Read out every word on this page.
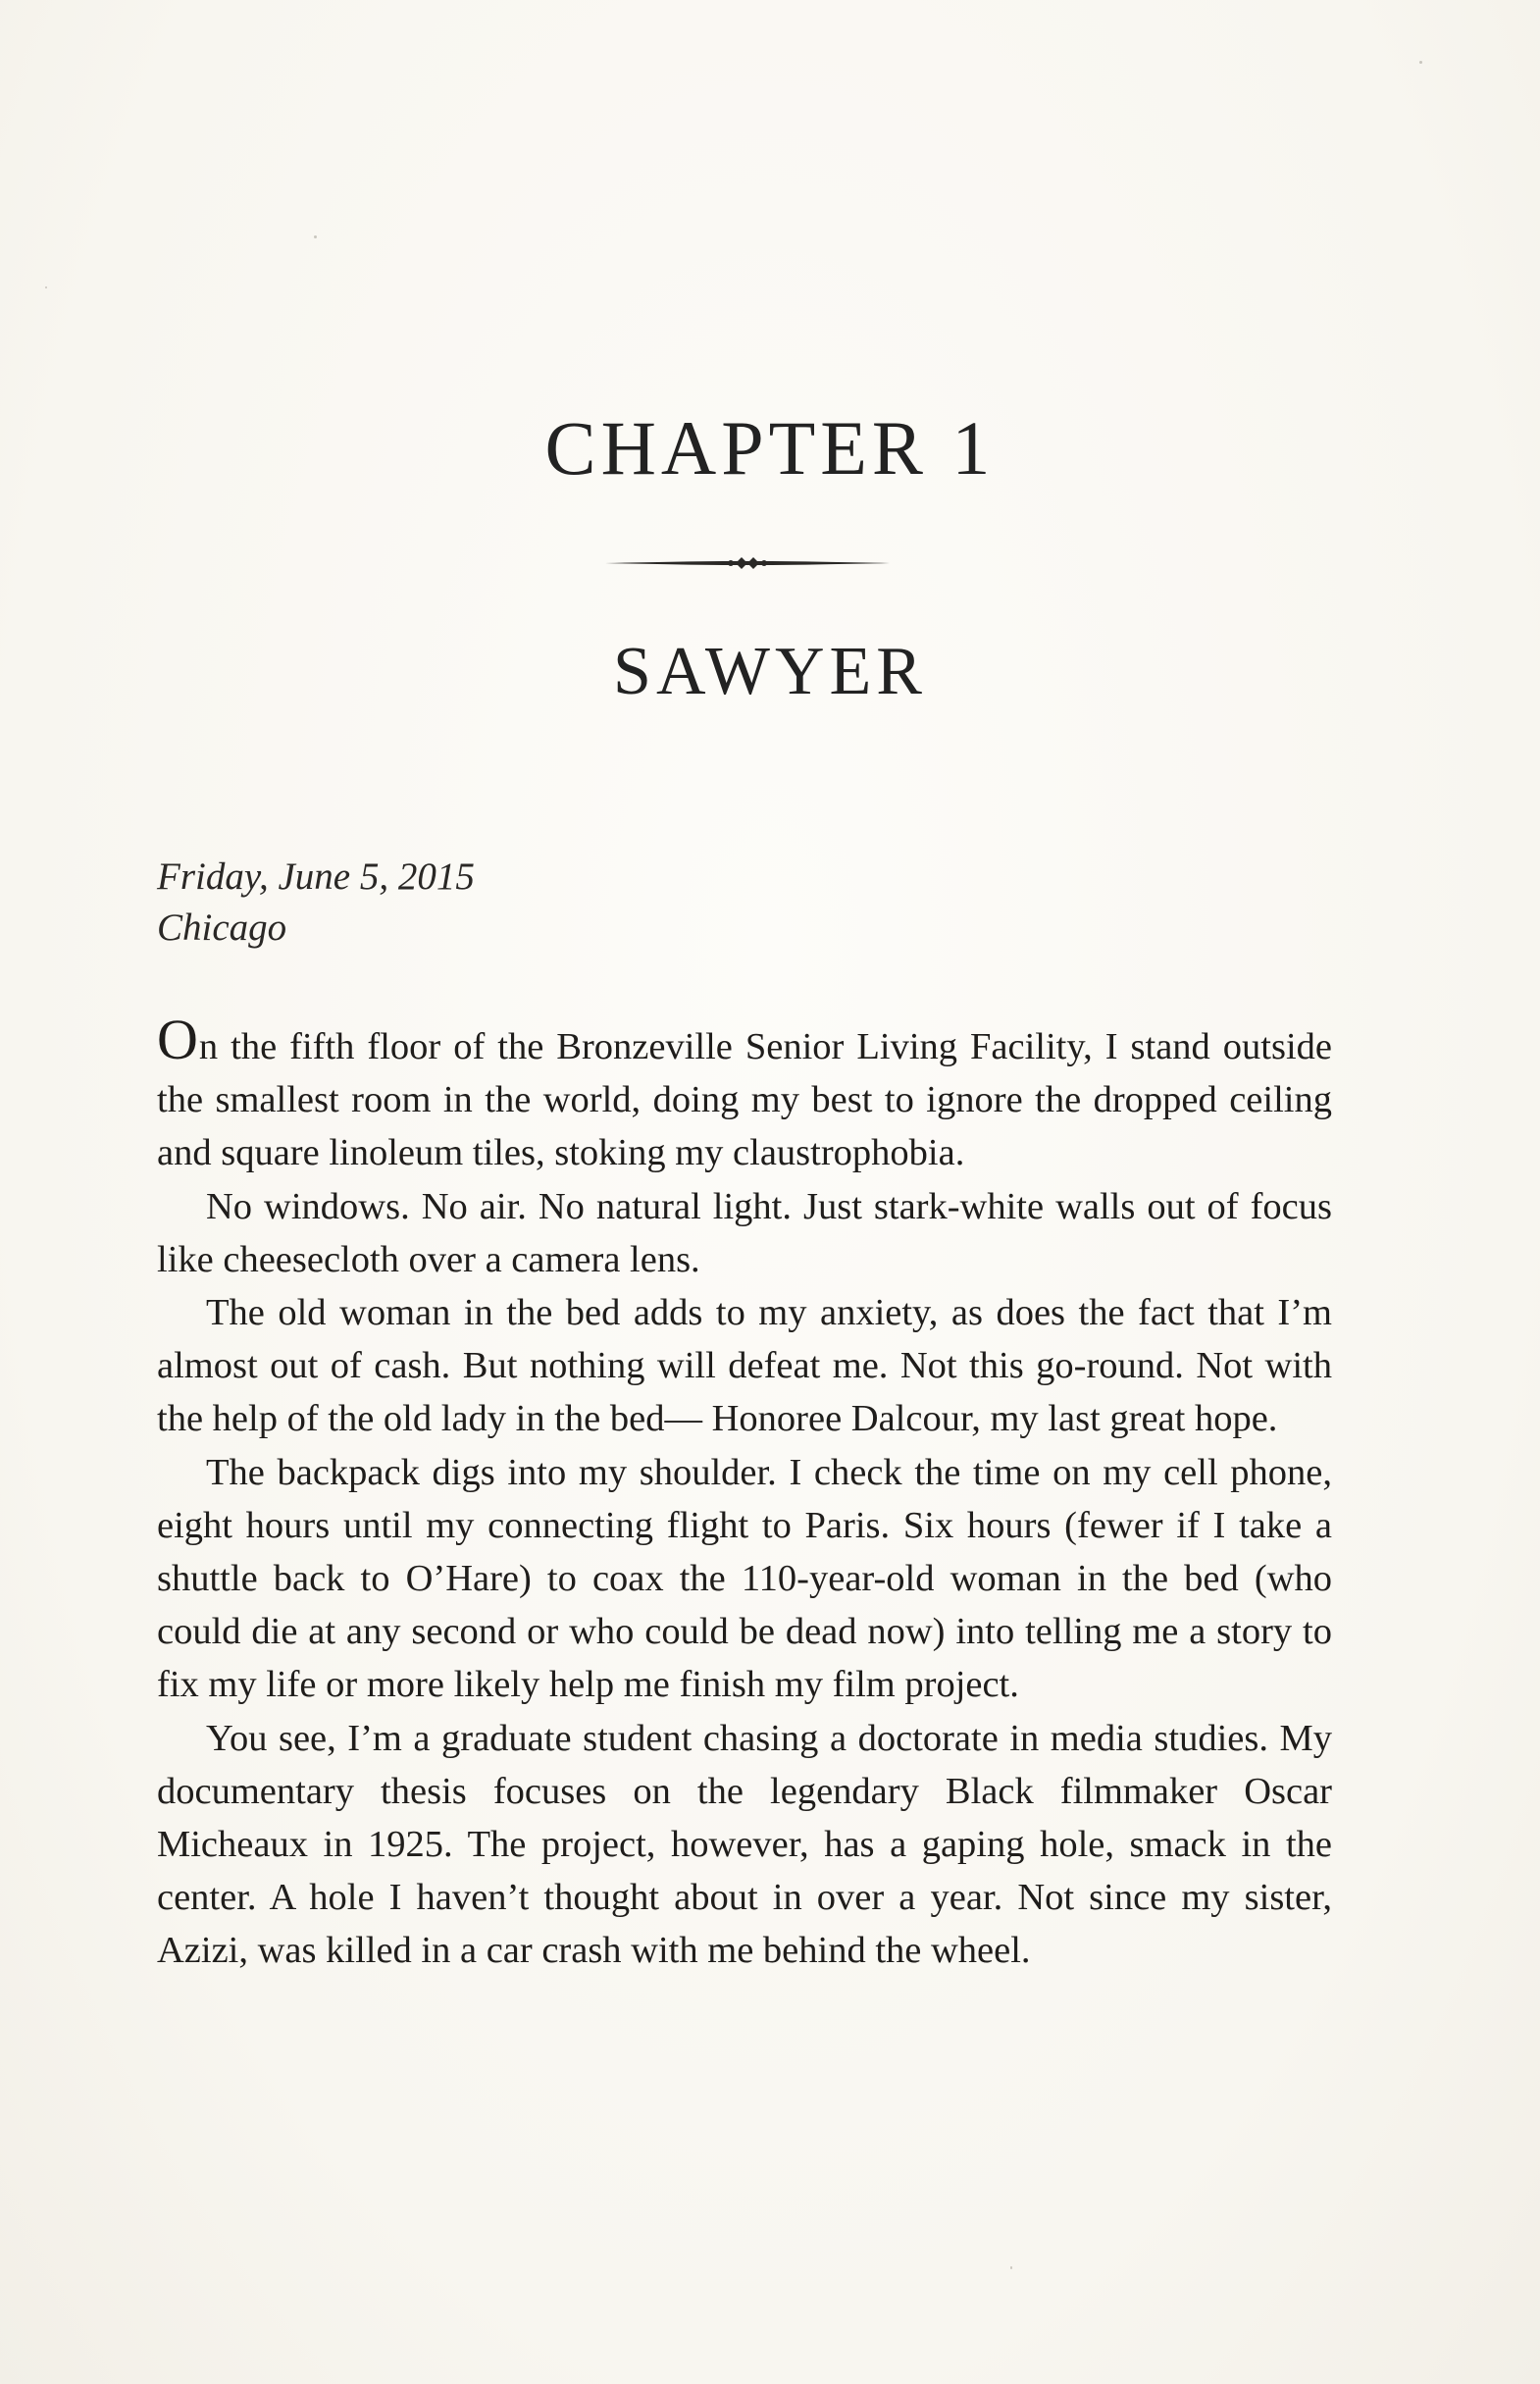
CHAPTER 1
SAWYER
Friday, June 5, 2015
Chicago

On the fifth floor of the Bronzeville Senior Living Facility, I stand outside the smallest room in the world, doing my best to ignore the dropped ceiling and square linoleum tiles, stoking my claustrophobia.

No windows. No air. No natural light. Just stark-white walls out of focus like cheesecloth over a camera lens.

The old woman in the bed adds to my anxiety, as does the fact that I’m almost out of cash. But nothing will defeat me. Not this go-round. Not with the help of the old lady in the bed— Honoree Dalcour, my last great hope.

The backpack digs into my shoulder. I check the time on my cell phone, eight hours until my connecting flight to Paris. Six hours (fewer if I take a shuttle back to O’Hare) to coax the 110-year-old woman in the bed (who could die at any second or who could be dead now) into telling me a story to fix my life or more likely help me finish my film project.

You see, I’m a graduate student chasing a doctorate in media studies. My documentary thesis focuses on the legendary Black filmmaker Oscar Micheaux in 1925. The project, however, has a gaping hole, smack in the center. A hole I haven’t thought about in over a year. Not since my sister, Azizi, was killed in a car crash with me behind the wheel.
